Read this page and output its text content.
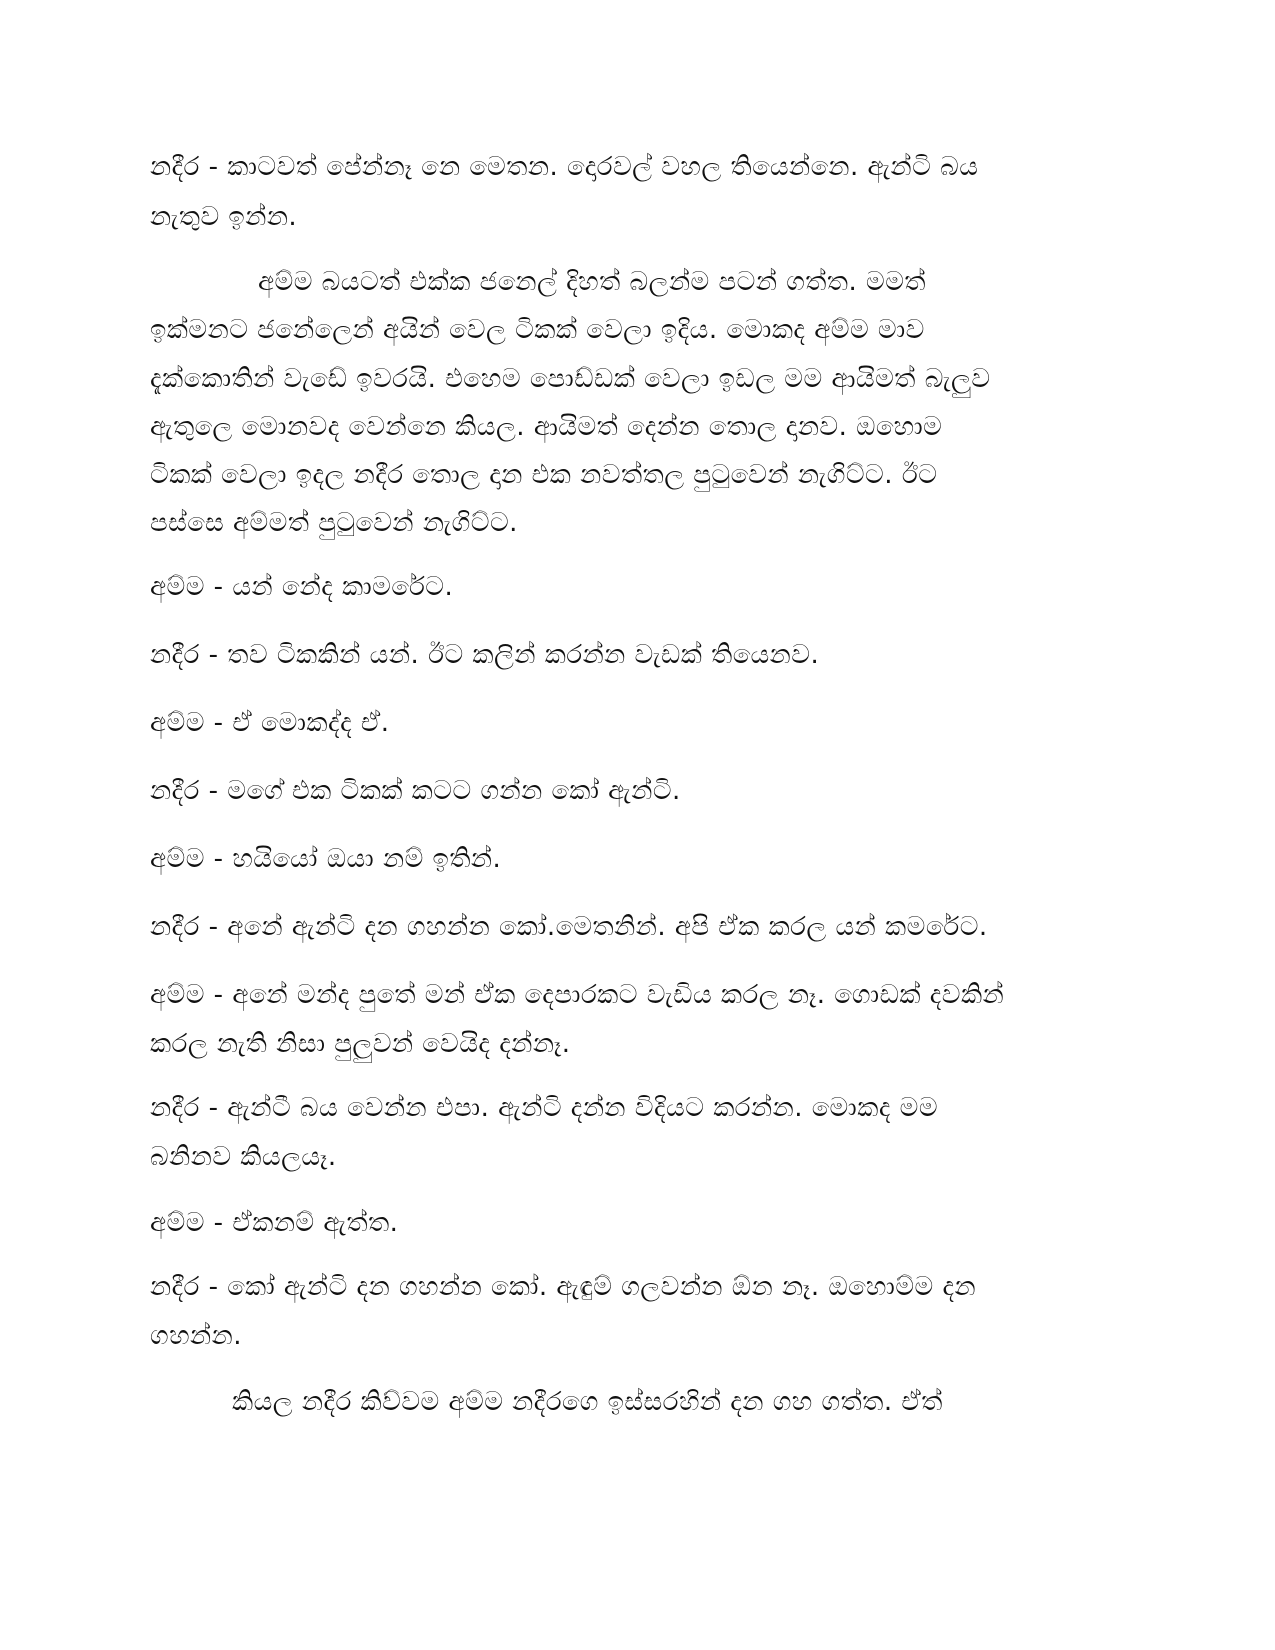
නදීර - කාටවත් පේන්නෑ නෙ මෙතන. දොරවල් වහල තියෙන්නෙ. ඇන්ටි බය
නැතුව ඉන්න.
අම්ම බයටත් එක්ක ජනෙල් දිහත් බලන්ම පටන් ගත්ත. මමත්
ඉක්මනට ජනේලෙන් අයින් වෙල ටිකක් වෙලා ඉදිය. මොකද අම්ම මාව
දැක්කොතින් වැඩේ ඉවරයි. එහෙම පොඩ්ඩක් වෙලා ඉඩල මම ආයිමත් බැලුව
ඇතුලෙ මොනවද වෙන්නෙ කියල. ආයිමත් දෙන්න තොල දානව. ඔහොම
ටිකක් වෙලා ඉදල නදීර තොල දාන එක නවත්තල පුටුවෙන් නැගිට්ට. ඊට
පස්සෙ අම්මත් පුටුවෙන් නැගිට්ට.
අම්ම - යන් නේද කාමරේට.
නදීර - තව ටිකකින් යන්. ඊට කලින් කරන්න වැඩක් තියෙනව.
අම්ම - ඒ මොකද්ද ඒ.
නදීර - මගේ එක ටිකක් කටට ගන්න කෝ ඇන්ටි.
අම්ම - හයියෝ ඔයා නම් ඉතින්.
නදීර - අනේ ඇන්ටි දන ගහන්න කෝ.මෙතනින්. අපි ඒක කරල යන් කමරේට.
අම්ම - අනේ මන්ද පුතේ මන් ඒක දෙපාරකට වැඩිය කරල නෑ. ගොඩක් දවකින්
කරල නැති නිසා පුලුවන් වෙයිද දන්නෑ.
නදීර - ඇන්ටී බය වෙන්න එපා. ඇන්ටි දන්න විදියට කරන්න. මොකද මම
බනිනව කියලයෑ.
අම්ම - ඒකනම් ඇත්ත.
නදීර - කෝ ඇන්ටි දන ගහන්න කෝ. ඇඳුම් ගලවන්න ඕන නෑ. ඔහොම්ම දන
ගහන්න.
කියල නදීර කිව්වම අම්ම නදීරගෙ ඉස්සරහින් දන ගහ ගත්ත. ඒත්
